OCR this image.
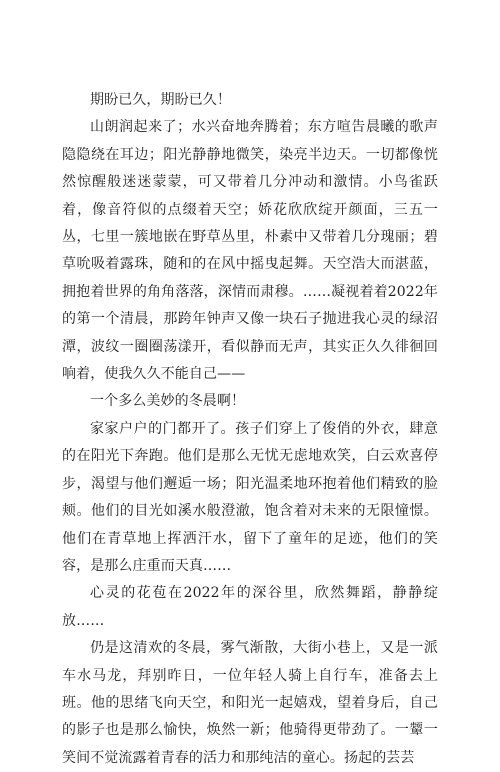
期盼已久，期盼已久！

山朗润起来了；水兴奋地奔腾着；东方喧告晨曦的歌声隐隐绕在耳边；阳光静静地微笑，染亮半边天。一切都像恍然惊醒般迷迷蒙蒙，可又带着几分冲动和激情。小鸟雀跃着，像音符似的点缀着天空；娇花欣欣绽开颜面，三五一丛，七里一簇地嵌在野草丛里，朴素中又带着几分瑰丽；碧草吮吸着露珠，随和的在风中摇曳起舞。天空浩大而湛蓝，拥抱着世界的角角落落，深情而肃穆。……凝视着着2022年的第一个清晨，那跨年钟声又像一块石子抛进我心灵的绿沼潭，波纹一圈圈荡漾开，看似静而无声，其实正久久徘徊回响着，使我久久不能自己——

一个多么美妙的冬晨啊！

家家户户的门都开了。孩子们穿上了俊俏的外衣，肆意的在阳光下奔跑。他们是那么无忧无虑地欢笑，白云欢喜停步，渴望与他们邂逅一场；阳光温柔地环抱着他们精致的脸颊。他们的目光如溪水般澄澈，饱含着对未来的无限憧憬。他们在青草地上挥洒汗水，留下了童年的足迹，他们的笑容，是那么庄重而天真……

心灵的花苞在2022年的深谷里，欣然舞蹈，静静绽放……

仍是这清欢的冬晨，雾气渐散，大街小巷上，又是一派车水马龙，拜别昨日，一位年轻人骑上自行车，准备去上班。他的思绪飞向天空，和阳光一起嬉戏，望着身后，自己的影子也是那么愉快，焕然一新；他骑得更带劲了。一颦一笑间不觉流露着青春的活力和那纯洁的童心。扬起的芸芸
